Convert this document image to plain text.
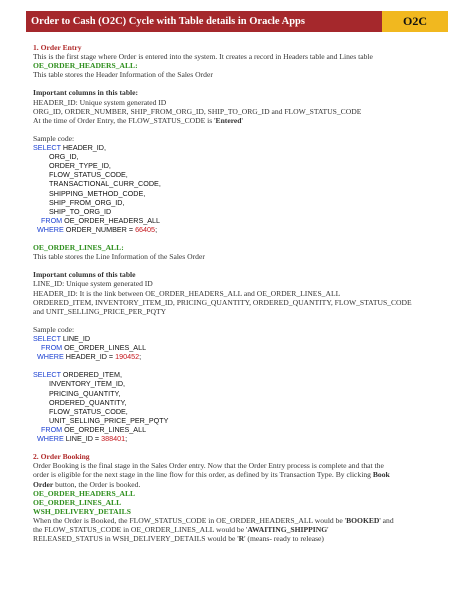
Order to Cash (O2C) Cycle with Table details in Oracle Apps	O2C
1. Order Entry
This is the first stage where Order is entered into the system. It creates a record in Headers table and Lines table
OE_ORDER_HEADERS_ALL:
This table stores the Header Information of the Sales Order
Important columns in this table:
HEADER_ID: Unique system generated ID
ORG_ID, ORDER_NUMBER, SHIP_FROM_ORG_ID, SHIP_TO_ORG_ID and FLOW_STATUS_CODE
At the time of Order Entry, the FLOW_STATUS_CODE is 'Entered'
Sample code:
SELECT HEADER_ID,
ORG_ID,
ORDER_TYPE_ID,
FLOW_STATUS_CODE,
TRANSACTIONAL_CURR_CODE,
SHIPPING_METHOD_CODE,
SHIP_FROM_ORG_ID,
SHIP_TO_ORG_ID
FROM OE_ORDER_HEADERS_ALL
WHERE ORDER_NUMBER = 66405;
OE_ORDER_LINES_ALL:
This table stores the Line Information of the Sales Order
Important columns of this table
LINE_ID: Unique system generated ID
HEADER_ID: It is the link between OE_ORDER_HEADERS_ALL and OE_ORDER_LINES_ALL
ORDERED_ITEM, INVENTORY_ITEM_ID, PRICING_QUANTITY, ORDERED_QUANTITY, FLOW_STATUS_CODE
and UNIT_SELLING_PRICE_PER_PQTY
Sample code:
SELECT LINE_ID
FROM OE_ORDER_LINES_ALL
WHERE HEADER_ID = 190452;
SELECT ORDERED_ITEM,
INVENTORY_ITEM_ID,
PRICING_QUANTITY,
ORDERED_QUANTITY,
FLOW_STATUS_CODE,
UNIT_SELLING_PRICE_PER_PQTY
FROM OE_ORDER_LINES_ALL
WHERE LINE_ID = 388401;
2. Order Booking
Order Booking is the final stage in the Sales Order entry. Now that the Order Entry process is complete and that the
order is eligible for the next stage in the line flow for this order, as defined by its Transaction Type. By clicking Book
Order button, the Order is booked.
OE_ORDER_HEADERS_ALL
OE_ORDER_LINES_ALL
WSH_DELIVERY_DETAILS
When the Order is Booked, the FLOW_STATUS_CODE in OE_ORDER_HEADERS_ALL would be 'BOOKED' and
the FLOW_STATUS_CODE in OE_ORDER_LINES_ALL would be 'AWAITING_SHIPPING'
RELEASED_STATUS in WSH_DELIVERY_DETAILS would be 'R' (means- ready to release)
